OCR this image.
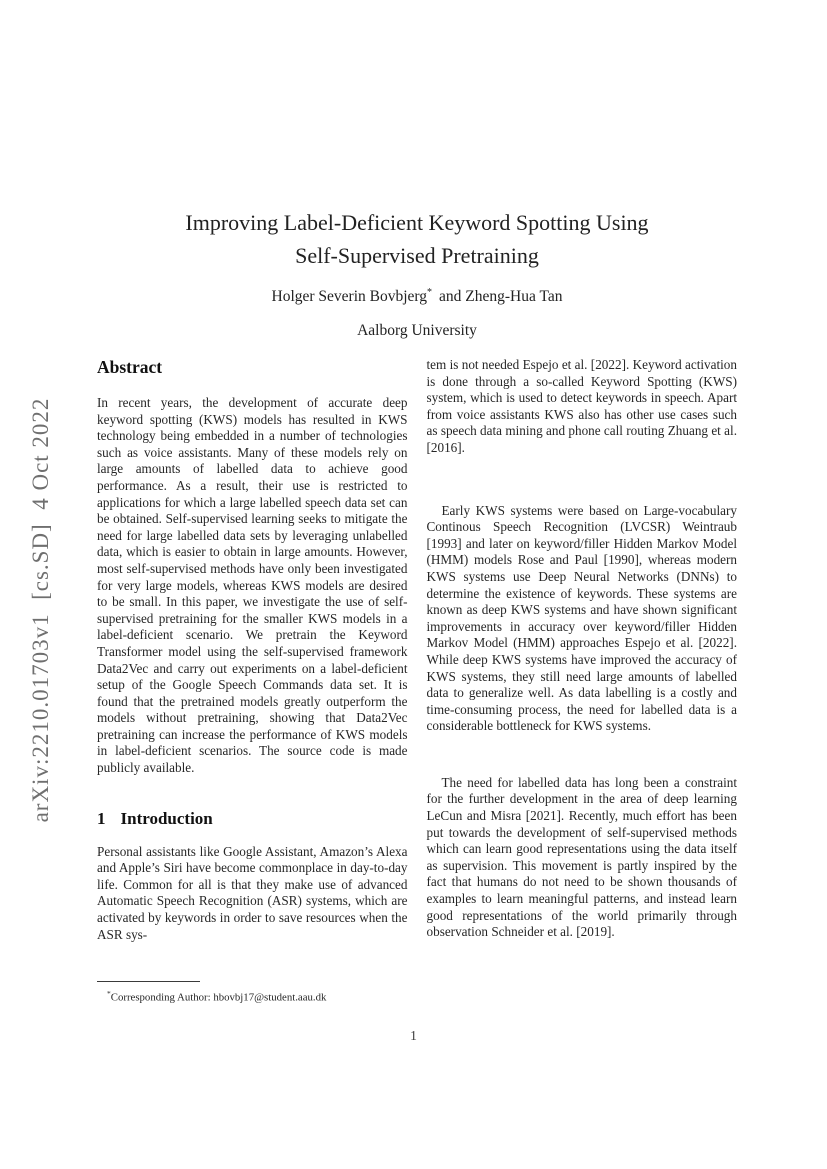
arXiv:2210.01703v1  [cs.SD]  4 Oct 2022
Improving Label-Deficient Keyword Spotting Using
Self-Supervised Pretraining
Holger Severin Bovbjerg* and Zheng-Hua Tan
Aalborg University
Abstract

In recent years, the development of accurate deep keyword spotting (KWS) models has resulted in KWS technology being embedded in a number of technologies such as voice assistants. Many of these models rely on large amounts of labelled data to achieve good performance. As a result, their use is restricted to applications for which a large labelled speech data set can be obtained. Self-supervised learning seeks to mitigate the need for large labelled data sets by leveraging unlabelled data, which is easier to obtain in large amounts. However, most self-supervised methods have only been investigated for very large models, whereas KWS models are desired to be small. In this paper, we investigate the use of self-supervised pretraining for the smaller KWS models in a label-deficient scenario. We pretrain the Keyword Transformer model using the self-supervised framework Data2Vec and carry out experiments on a label-deficient setup of the Google Speech Commands data set. It is found that the pretrained models greatly outperform the models without pretraining, showing that Data2Vec pretraining can increase the performance of KWS models in label-deficient scenarios. The source code is made publicly available.

1 Introduction

Personal assistants like Google Assistant, Amazon’s Alexa and Apple’s Siri have become commonplace in day-to-day life. Common for all is that they make use of advanced Automatic Speech Recognition (ASR) systems, which are activated by keywords in order to save resources when the ASR sys-

tem is not needed Espejo et al. [2022]. Keyword activation is done through a so-called Keyword Spotting (KWS) system, which is used to detect keywords in speech. Apart from voice assistants KWS also has other use cases such as speech data mining and phone call routing Zhuang et al. [2016].

Early KWS systems were based on Large-vocabulary Continous Speech Recognition (LVCSR) Weintraub [1993] and later on keyword/filler Hidden Markov Model (HMM) models Rose and Paul [1990], whereas modern KWS systems use Deep Neural Networks (DNNs) to determine the existence of keywords. These systems are known as deep KWS systems and have shown significant improvements in accuracy over keyword/filler Hidden Markov Model (HMM) approaches Espejo et al. [2022]. While deep KWS systems have improved the accuracy of KWS systems, they still need large amounts of labelled data to generalize well. As data labelling is a costly and time-consuming process, the need for labelled data is a considerable bottleneck for KWS systems.

The need for labelled data has long been a constraint for the further development in the area of deep learning LeCun and Misra [2021]. Recently, much effort has been put towards the development of self-supervised methods which can learn good representations using the data itself as supervision. This movement is partly inspired by the fact that humans do not need to be shown thousands of examples to learn meaningful patterns, and instead learn good representations of the world primarily through observation Schneider et al. [2019].

*Corresponding Author: hbovbj17@student.aau.dk
1
